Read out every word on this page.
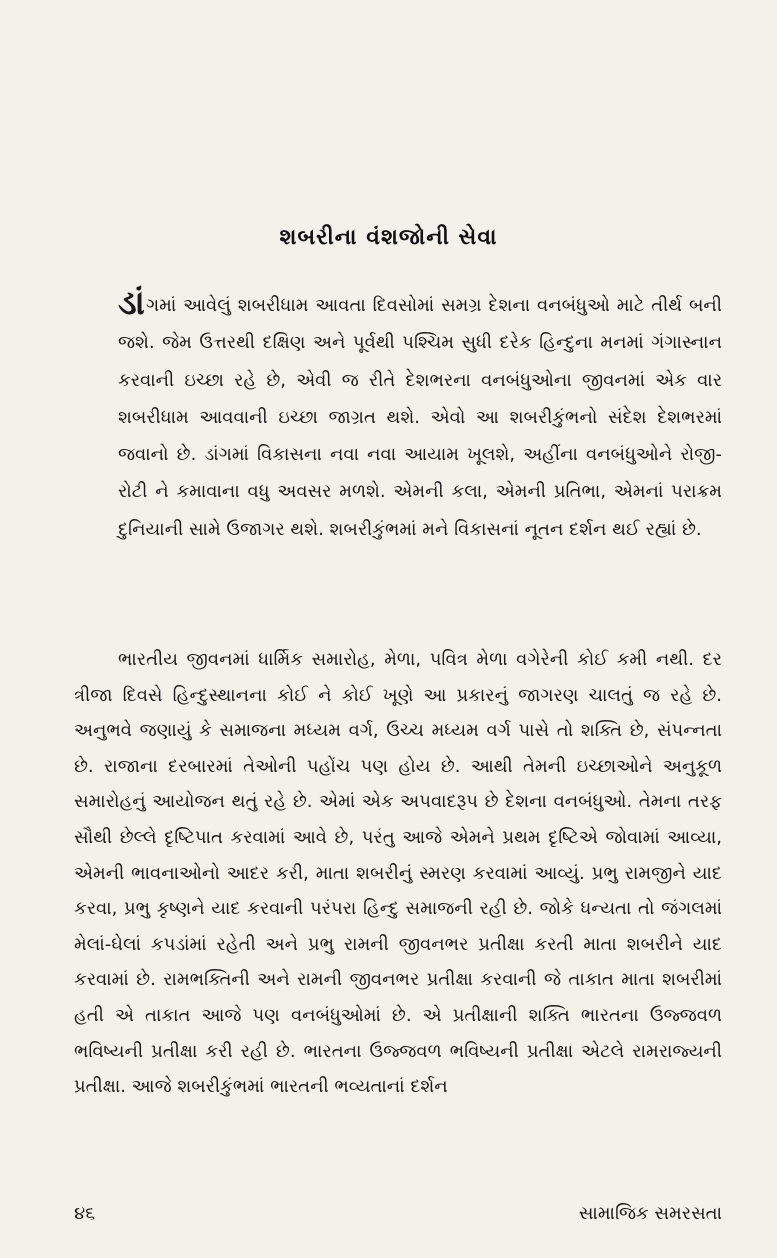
શબરીના વંશજોની સેવા
ડાંગમાં આવેલું શબરીધામ આવતા દિવસોમાં સમગ્ર દેશના વનબંધુઓ માટે તીર્થ બની જશે. જેમ ઉત્તરથી દક્ષિણ અને પૂર્વથી પશ્ચિમ સુધી દરેક હિન્દુના મનમાં ગંગાસ્નાન કરવાની ઇચ્છા રહે છે, એવી જ રીતે દેશભરના વનબંધુઓના જીવનમાં એક વાર શબરીધામ આવવાની ઇચ્છા જાગ્રત થશે. એવો આ શબરીકુંભનો સંદેશ દેશભરમાં જવાનો છે. ડાંગમાં વિકાસના નવા નવા આયામ ખૂલશે, અહીંના વનબંધુઓને રોજી-રોટી ને કમાવાના વધુ અવસર મળશે. એમની કલા, એમની પ્રતિભા, એમનાં પરાક્રમ દુનિયાની સામે ઉજાગર થશે. શબરીકુંભમાં મને વિકાસનાં નૂતન દર્શન થઈ રહ્યાં છે.
ભારતીય જીવનમાં ધાર્મિક સમારોહ, મેળા, પવિત્ર મેળા વગેરેની કોઈ કમી નથી. દર ત્રીજા દિવસે હિન્દુસ્થાનના કોઈ ને કોઈ ખૂણે આ પ્રકારનું જાગરણ ચાલતું જ રહે છે. અનુભવે જણાયું કે સમાજના મધ્યમ વર્ગ, ઉચ્ચ મધ્યમ વર્ગ પાસે તો શક્તિ છે, સંપન્નતા છે. રાજાના દરબારમાં તેઓની પહોંચ પણ હોય છે. આથી તેમની ઇચ્છાઓને અનુકૂળ સમારોહનું આયોજન થતું રહે છે. એમાં એક અપવાદરૂપ છે દેશના વનબંધુઓ. તેમના તરફ સૌથી છેલ્લે દૃષ્ટિપાત કરવામાં આવે છે, પરંતુ આજે એમને પ્રથમ દૃષ્ટિએ જોવામાં આવ્યા, એમની ભાવનાઓનો આદર કરી, માતા શબરીનું સ્મરણ કરવામાં આવ્યું. પ્રભુ રામજીને યાદ કરવા, પ્રભુ કૃષ્ણને યાદ કરવાની પરંપરા હિન્દુ સમાજની રહી છે. જોકે ધન્યતા તો જંગલમાં મેલાં-ઘેલાં કપડાંમાં રહેતી અને પ્રભુ રામની જીવનભર પ્રતીક્ષા કરતી માતા શબરીને યાદ કરવામાં છે. રામભક્તિની અને રામની જીવનભર પ્રતીક્ષા કરવાની જે તાકાત માતા શબરીમાં હતી એ તાકાત આજે પણ વનબંધુઓમાં છે. એ પ્રતીક્ષાની શક્તિ ભારતના ઉજ્જવળ ભવિષ્યની પ્રતીક્ષા કરી રહી છે. ભારતના ઉજ્જવળ ભવિષ્યની પ્રતીક્ષા એટલે રામરાજ્યની પ્રતીક્ષા. આજે શબરીકુંભમાં ભારતની ભવ્યતાનાં દર્શન
૪૬	સામાજિક સમરસતા
